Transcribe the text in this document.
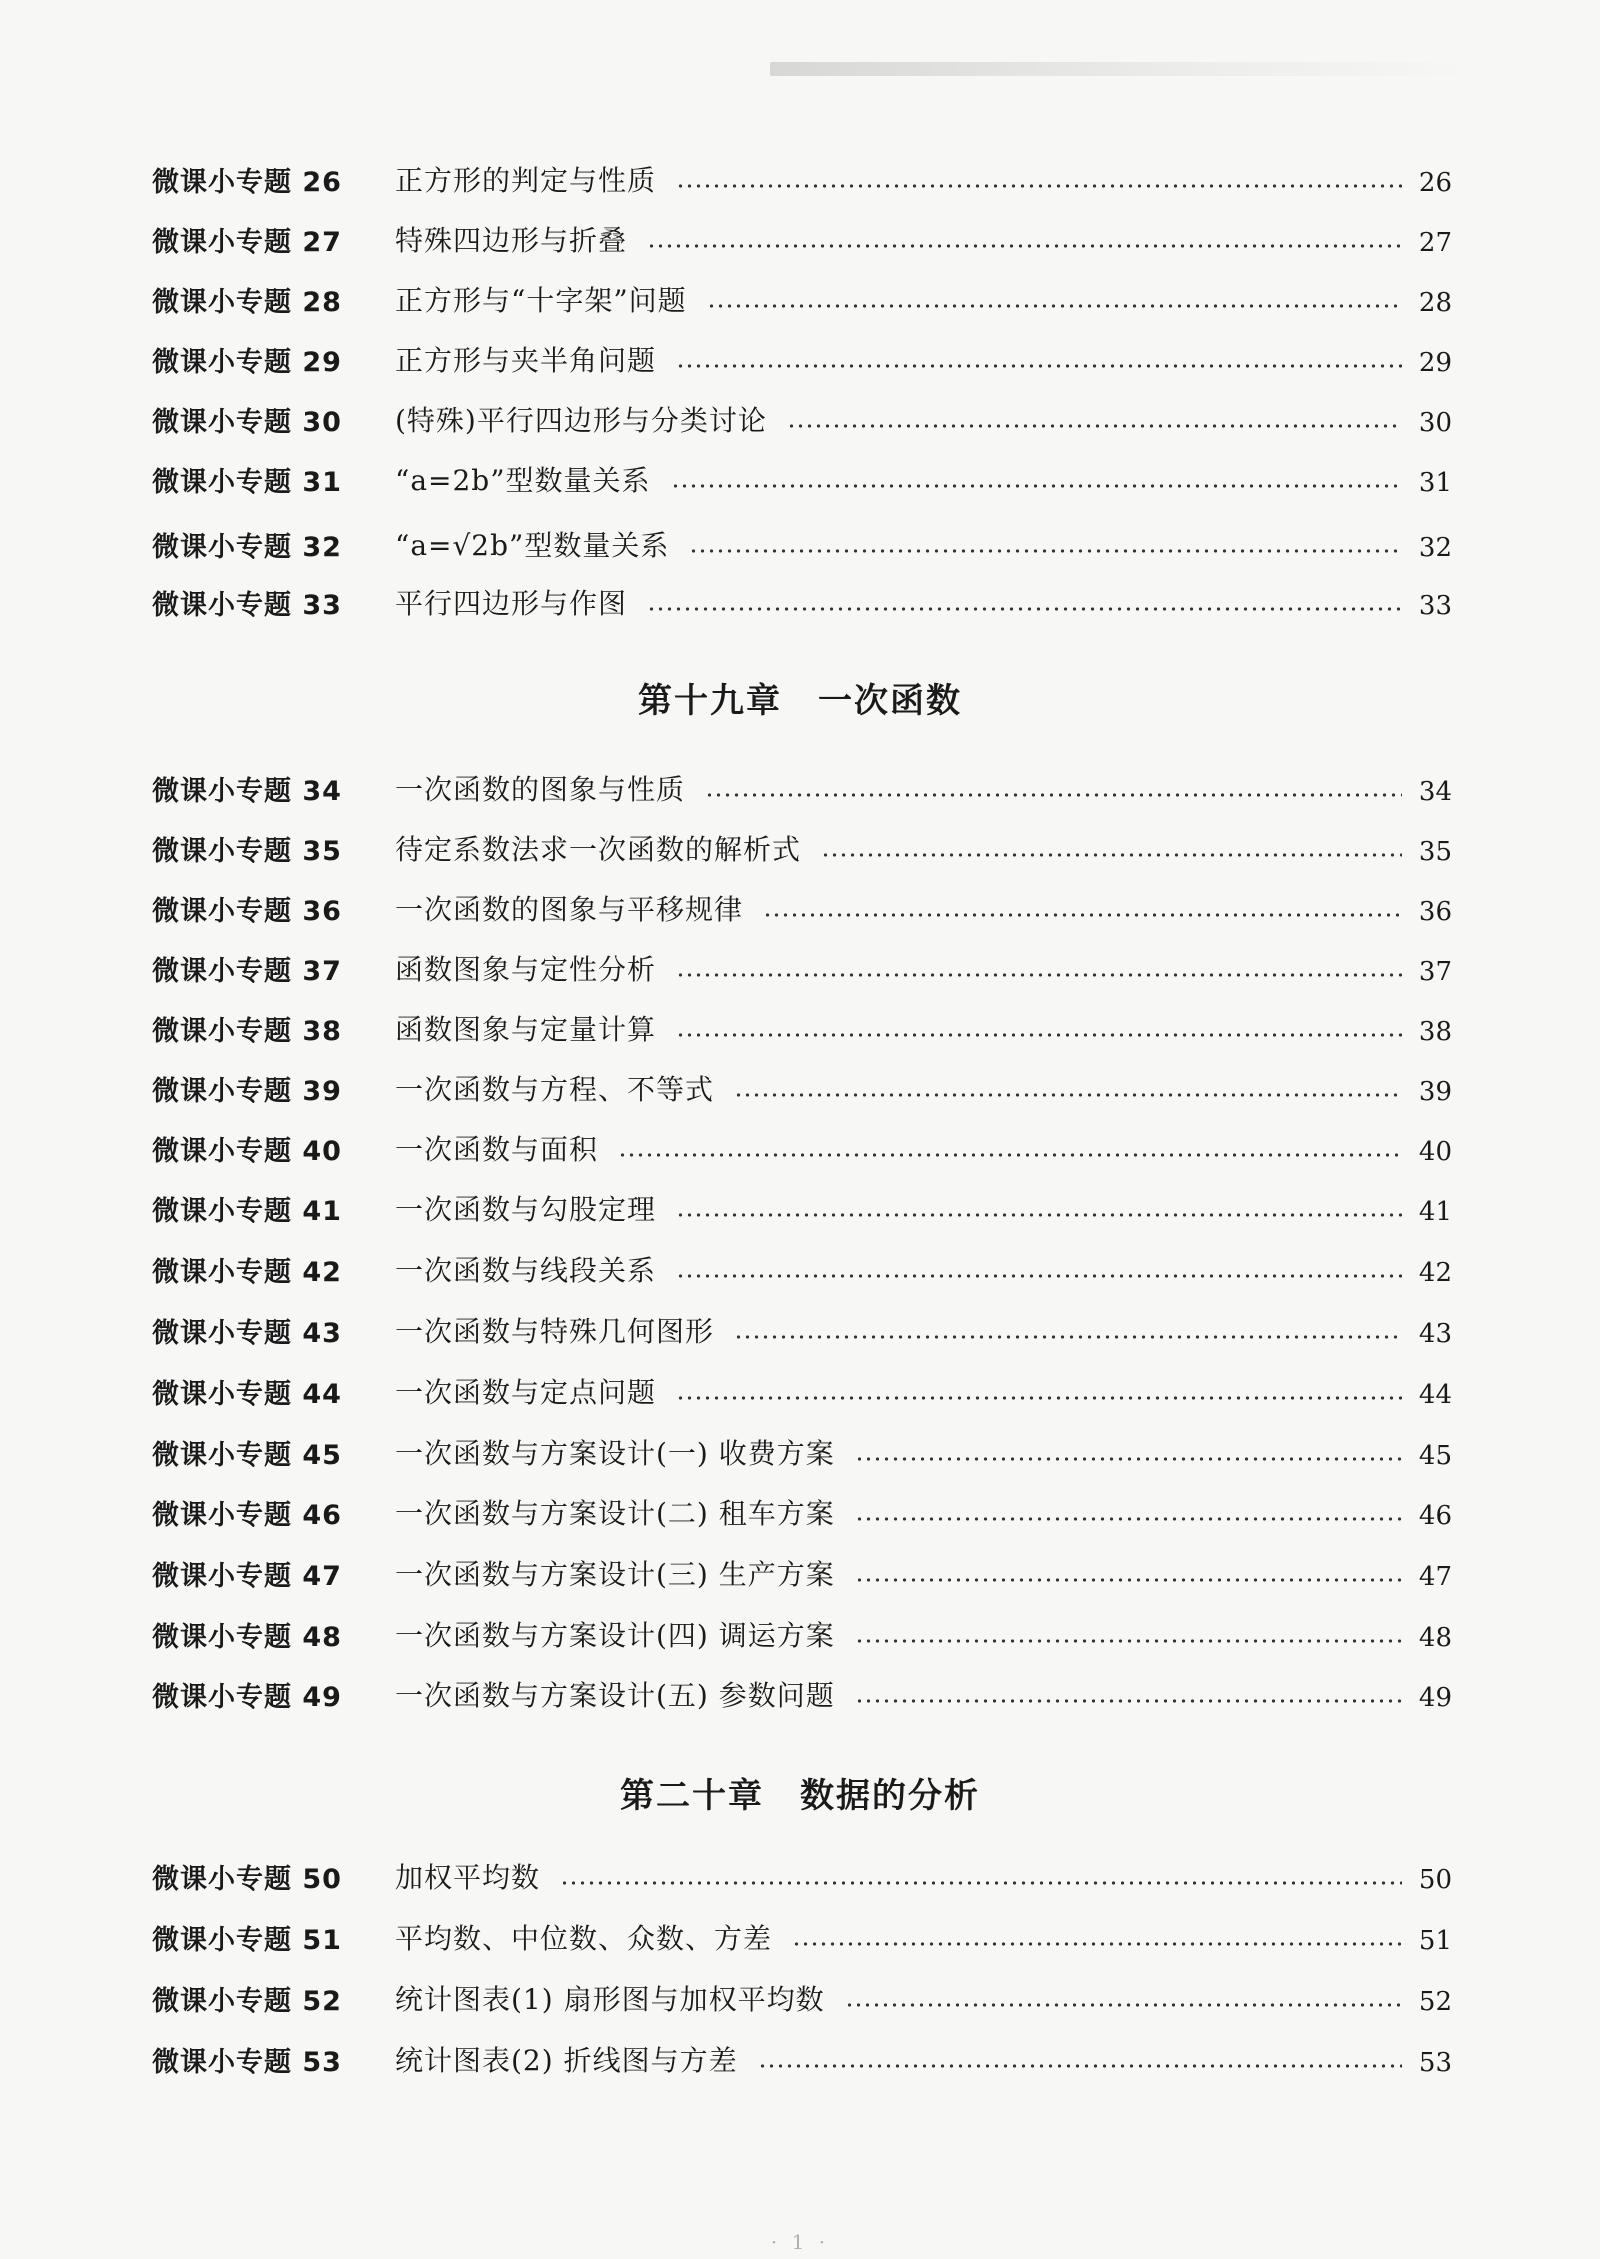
微课小专题 26	正方形的判定与性质	26
微课小专题 27	特殊四边形与折叠	27
微课小专题 28	正方形与“十字架”问题	28
微课小专题 29	正方形与夹半角问题	29
微课小专题 30	(特殊)平行四边形与分类讨论	30
微课小专题 31	“a=2b”型数量关系	31
微课小专题 32	“a=√2b”型数量关系	32
微课小专题 33	平行四边形与作图	33
第十九章　一次函数
微课小专题 34	一次函数的图象与性质	34
微课小专题 35	待定系数法求一次函数的解析式	35
微课小专题 36	一次函数的图象与平移规律	36
微课小专题 37	函数图象与定性分析	37
微课小专题 38	函数图象与定量计算	38
微课小专题 39	一次函数与方程、不等式	39
微课小专题 40	一次函数与面积	40
微课小专题 41	一次函数与勾股定理	41
微课小专题 42	一次函数与线段关系	42
微课小专题 43	一次函数与特殊几何图形	43
微课小专题 44	一次函数与定点问题	44
微课小专题 45	一次函数与方案设计(一) 收费方案	45
微课小专题 46	一次函数与方案设计(二) 租车方案	46
微课小专题 47	一次函数与方案设计(三) 生产方案	47
微课小专题 48	一次函数与方案设计(四) 调运方案	48
微课小专题 49	一次函数与方案设计(五) 参数问题	49
第二十章　数据的分析
微课小专题 50	加权平均数	50
微课小专题 51	平均数、中位数、众数、方差	51
微课小专题 52	统计图表(1) 扇形图与加权平均数	52
微课小专题 53	统计图表(2) 折线图与方差	53
· 1 ·
